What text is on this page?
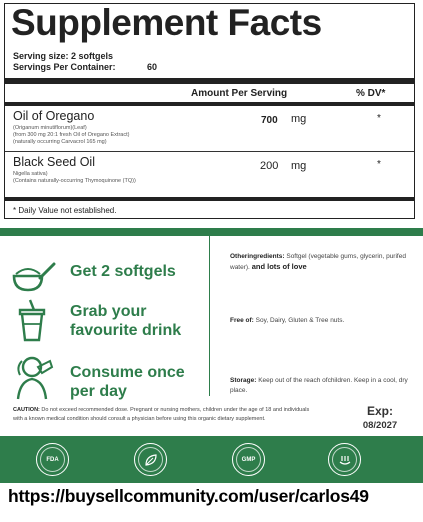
Supplement Facts
Serving size: 2 softgels
Servings Per Container:	60
Amount Per Serving	% DV*
Oil of Oregano
(Origanum minutiflorum)(Leaf)
(from 300 mg 20:1 fresh Oil of Oregano Extract)
(naturally occurring Carvacrol 165 mg)
700 mg	*
Black Seed Oil
Nigella sativa)
(Contains naturally-occurring Thymoquinone (TQ))
200 mg	*
* Daily Value not established.
Get 2 softgels
Grab your favourite drink
Consume once per day
Otheringredients: Softgel (vegetable gums, glycerin, purifed water). and lots of love
Free of: Soy, Dairy, Gluten & Tree nuts.
Storage: Keep out of the reach ofchildren. Keep in a cool, dry place.
CAUTION: Do not exceed recommended dose. Pregnant or nursing mothers, children under the age of 18 and individuals with a known medical condition should consult a physician before using this organic dietary supplement.
Exp:
08/2027
FDA	GMP
https://buysellcommunity.com/user/carlos49
